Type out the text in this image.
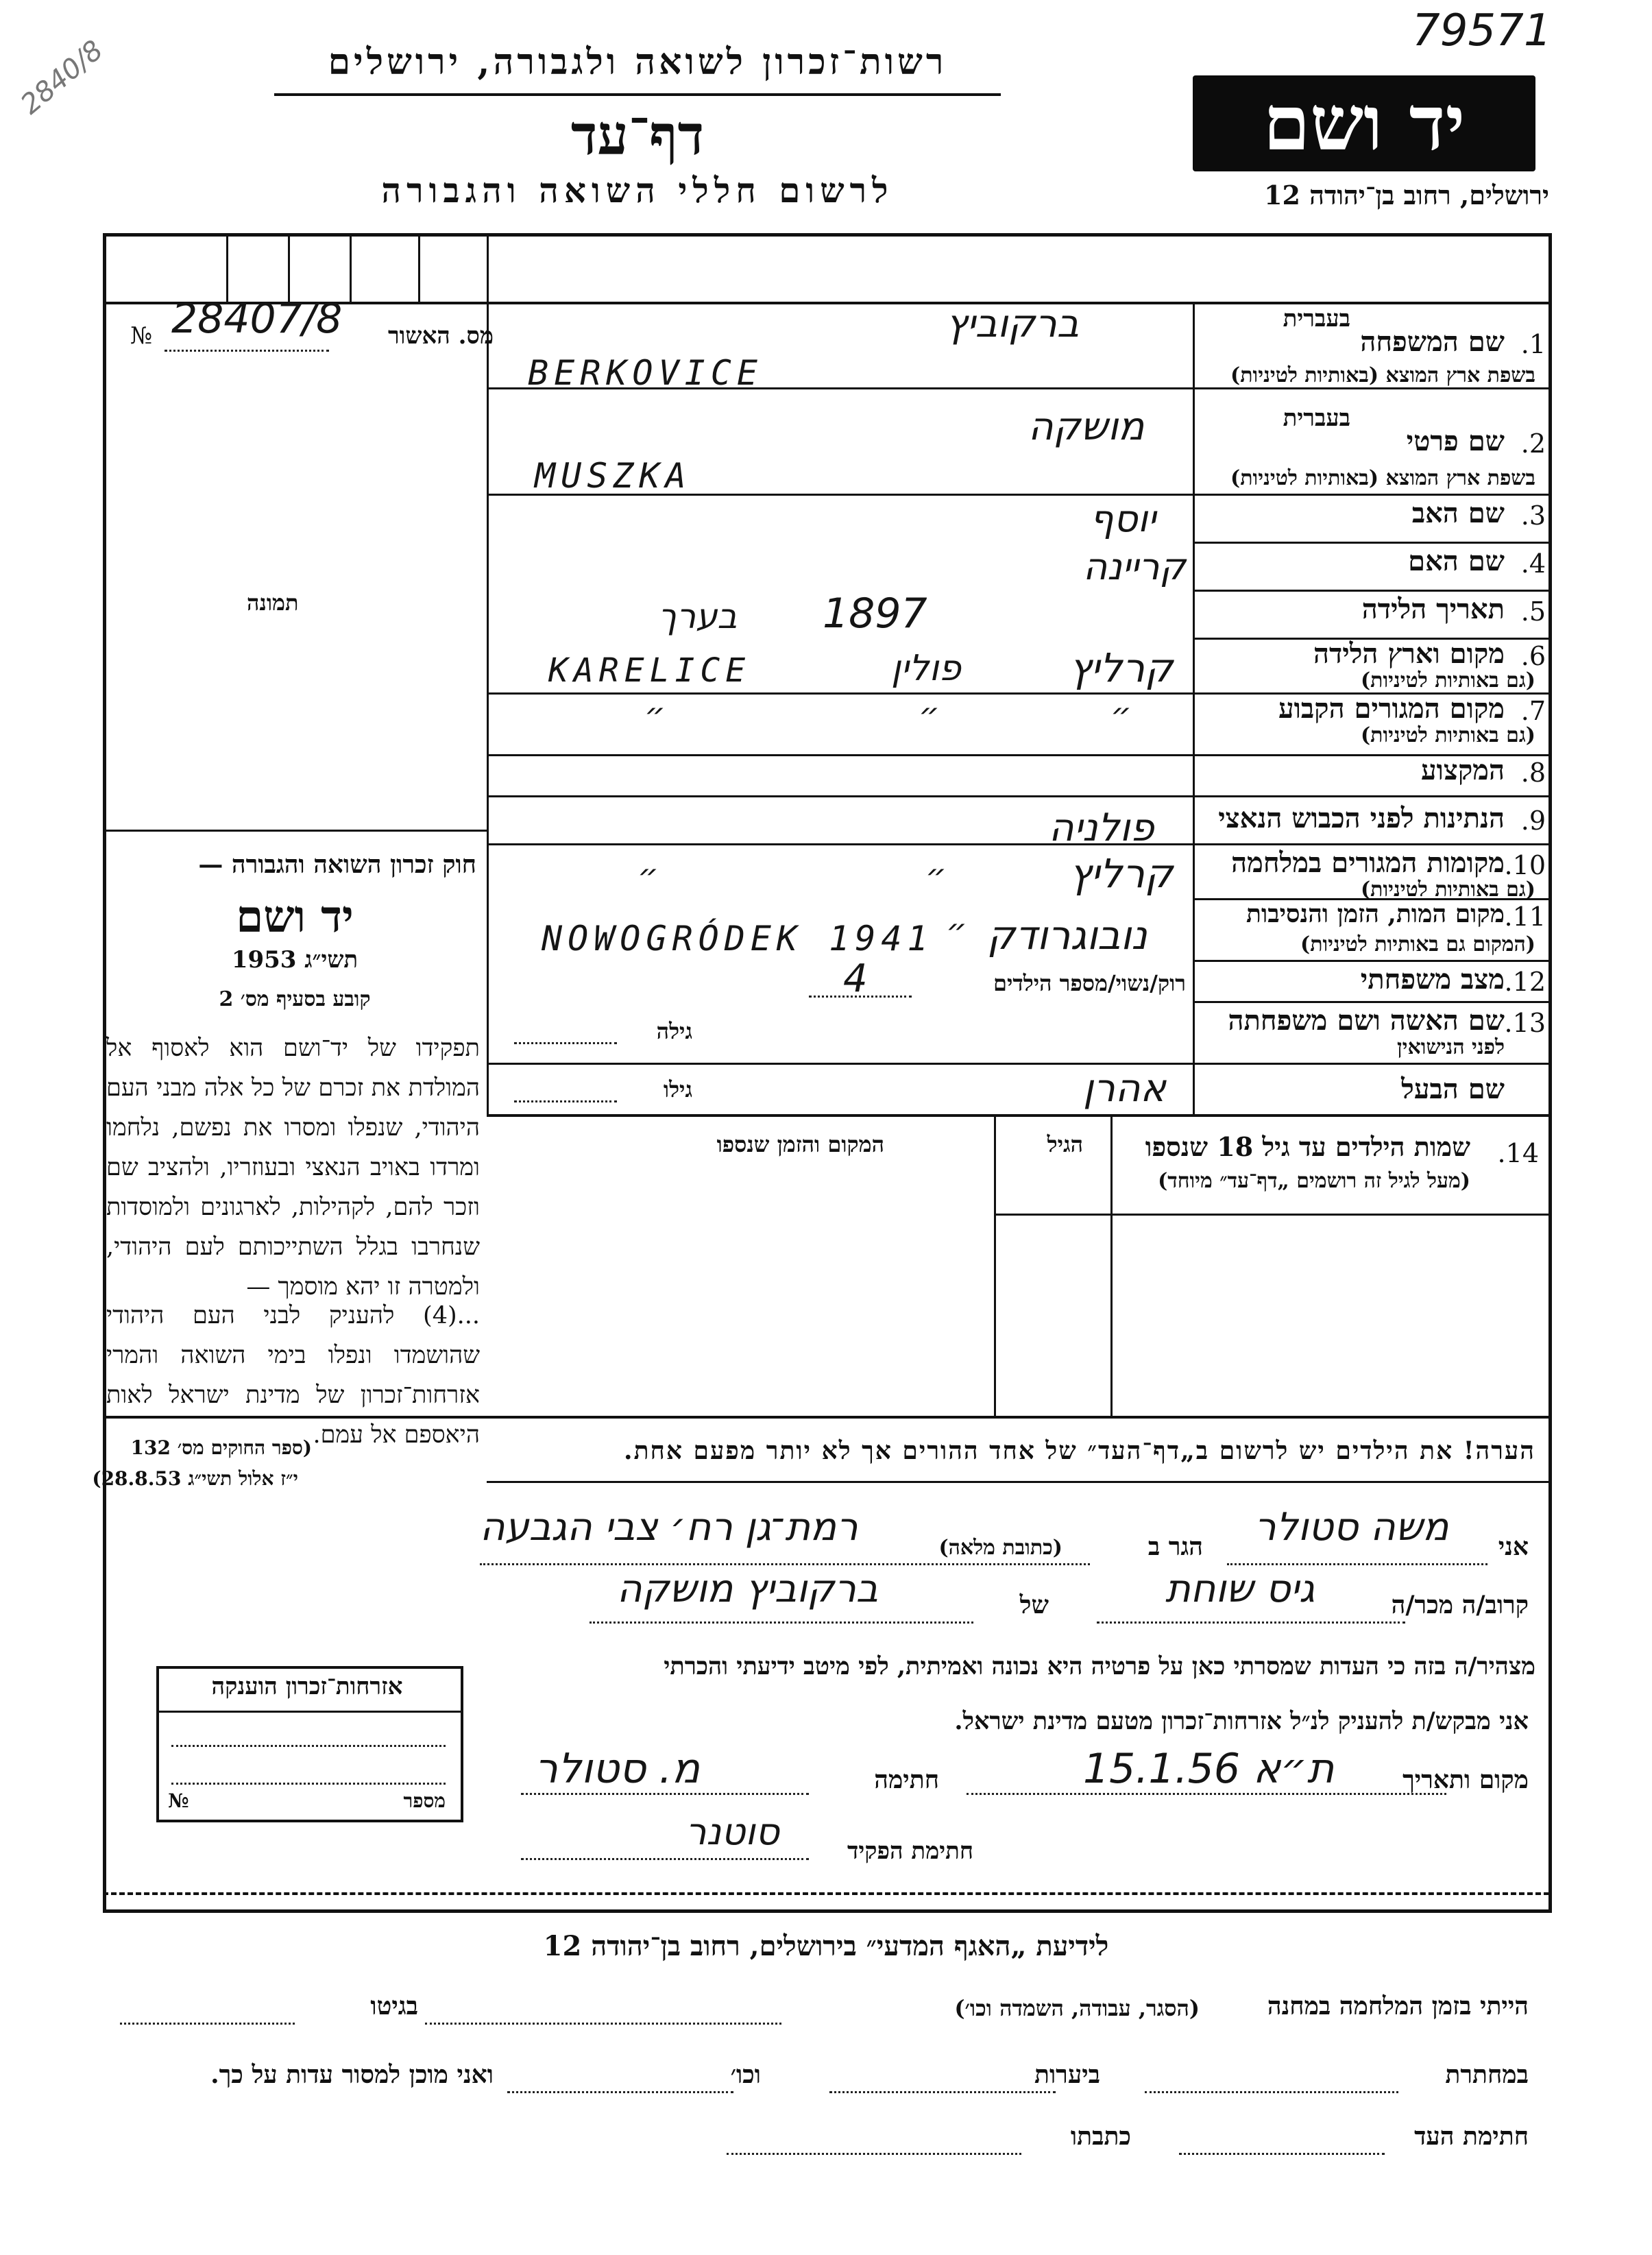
79571
2840/8	רשות־זכרון לשואה ולגבורה, ירושלים
דף־עד
לרשום חללי השואה והגבורה
יד ושם
ירושלים, רחוב בן־יהודה 12
מס. האשור
№ 28407/8
תמונה
חוק זכרון השואה והגבורה —
יד ושם
תשי״ג 1953
קובע בסעיף מס׳ 2
תפקידו של יד־ושם הוא לאסוף אל המולדת את זכרם של כל אלה מבני העם היהודי, שנפלו ומסרו את נפשם, נלחמו ומרדו באויב הנאצי ובעוזריו, ולהציב שם וזכר להם, לקהילות, לארגונים ולמוסדות שנחרבו בגלל השתייכותם לעם היהודי, ולמטרה זו יהא מוסמך —
...(4) להעניק לבני העם היהודי שהושמדו ונפלו בימי השואה והמרי אזרחות־זכרון של מדינת ישראל לאות היאספם אל עמם.
(ספר החוקים מס׳ 132
י״ז אלול תשי״ג 28.8.53)
1.
שם המשפחה
בעברית
בשפת ארץ המוצא (באותיות לטיניות)
ברקוביץ
BERKOVICE
2.
שם פרטי
בעברית
בשפת ארץ המוצא (באותיות לטיניות)
מושקה
MUSZKA
3.
שם האב
יוסף
4.
שם האם
קריינה
5.
תאריך הלידה
בערך 1897
6.
מקום וארץ הלידה
(גם באותיות לטיניות)
קרליץ
פולין
KARELICE
7.
מקום המגורים הקבוע
(גם באותיות לטיניות)
״
״
״
8.
המקצוע
9.
הנתינות לפני הכבוש הנאצי
פולניה
10.
מקומות המגורים במלחמה
(גם באותיות לטיניות)
קרליץ
״
״
11.
מקום המות, הזמן והנסיבות
(המקום גם באותיות לטיניות)
נובוגרודק
״
NOWOGRÓDEK 1941
12.
מצב משפחתי
רוק/נשוי/מספר הילדים
4
13.
שם האשה ושם משפחתה
לפני הנישואין
גילה
שם הבעל
אהרן
גילו
14.
שמות הילדים עד גיל 18 שנספו
(מעל לגיל זה רושמים „דף־עד״ מיוחד)
הגיל
המקום והזמן שנספו
הערה! את הילדים יש לרשום ב„דף־העד״ של אחד ההורים אך לא יותר מפעם אחת.
אני
משה סטולר
הגר ב
(כתובת מלאה)
רמת־גן רח׳ צבי הגבעה
קרוב/ה מכר/ה
גיס שוחת
של
ברקוביץ מושקה
מצהיר/ה בזה כי העדות שמסרתי כאן על פרטיה היא נכונה ואמיתית, לפי מיטב ידיעתי והכרתי
אני מבקש/ת להעניק לנ״ל אזרחות־זכרון מטעם מדינת ישראל.
מקום ותאריך
ת״א 15.1.56
חתימה
מ. סטולר
חתימת הפקיד
סוטנר
אזרחות־זכרון הוענקה
מספר
№
לידיעת „האגף המדעי״ בירושלים, רחוב בן־יהודה 12
הייתי בזמן המלחמה במחנה
(הסגר, עבודה, השמדה וכו׳)
בגיטו
במחתרת
ביערות
וכו׳
ואני מוכן למסור עדות על כך.
חתימת העד
כתבתו
